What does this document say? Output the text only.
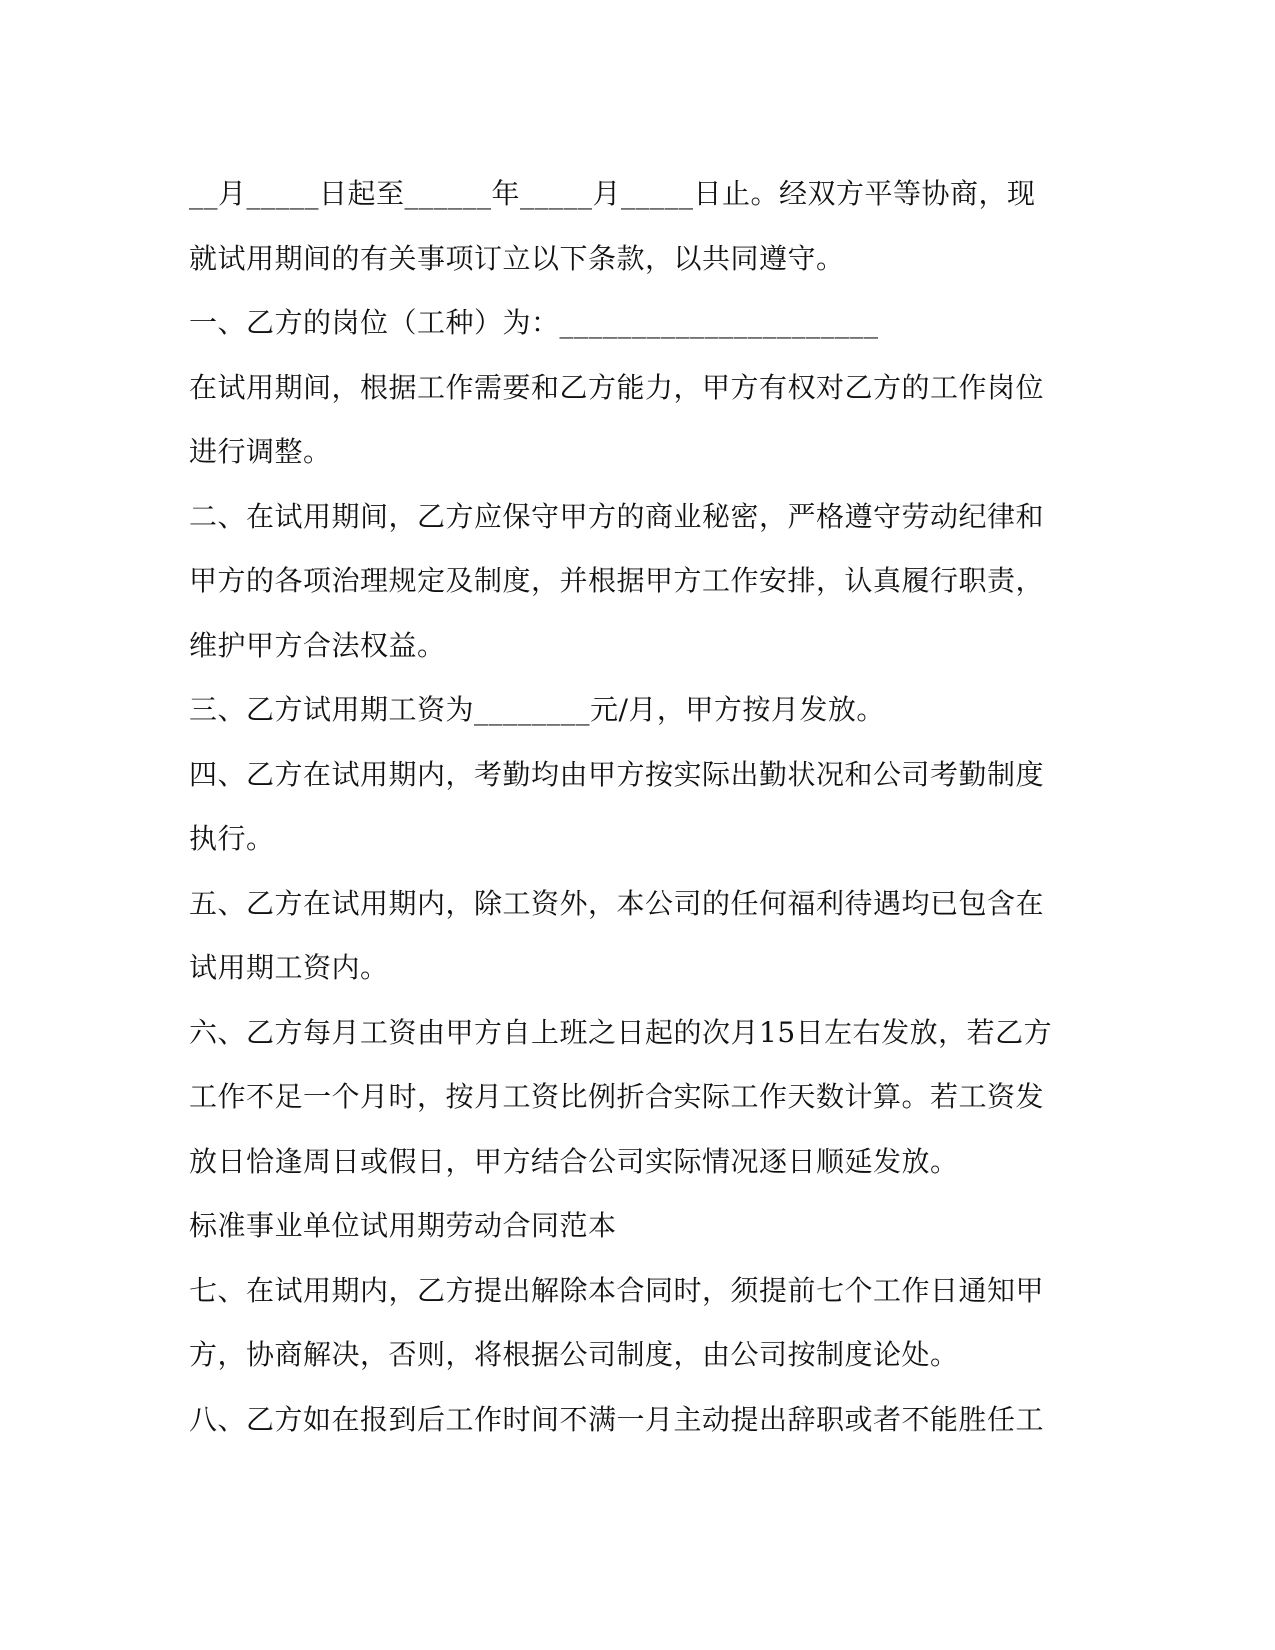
__月_____日起至______年_____月_____日止。经双方平等协商，现
就试用期间的有关事项订立以下条款，以共同遵守。
一、乙方的岗位（工种）为：______________________
在试用期间，根据工作需要和乙方能力，甲方有权对乙方的工作岗位
进行调整。
二、在试用期间，乙方应保守甲方的商业秘密，严格遵守劳动纪律和
甲方的各项治理规定及制度，并根据甲方工作安排，认真履行职责，
维护甲方合法权益。
三、乙方试用期工资为________元/月，甲方按月发放。
四、乙方在试用期内，考勤均由甲方按实际出勤状况和公司考勤制度
执行。
五、乙方在试用期内，除工资外，本公司的任何福利待遇均已包含在
试用期工资内。
六、乙方每月工资由甲方自上班之日起的次月15日左右发放，若乙方
工作不足一个月时，按月工资比例折合实际工作天数计算。若工资发
放日恰逢周日或假日，甲方结合公司实际情况逐日顺延发放。
标准事业单位试用期劳动合同范本
七、在试用期内，乙方提出解除本合同时，须提前七个工作日通知甲
方，协商解决，否则，将根据公司制度，由公司按制度论处。
八、乙方如在报到后工作时间不满一月主动提出辞职或者不能胜任工
